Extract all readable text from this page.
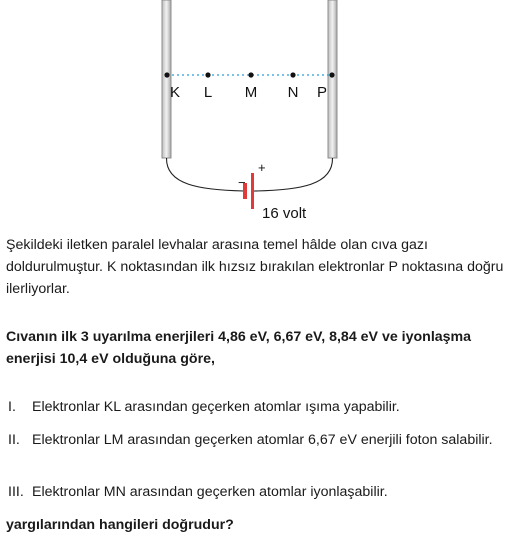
K L M N P
+
−
16 volt

Şekildeki iletken paralel levhalar arasına temel hâlde olan cıva gazı doldurulmuştur. K noktasından ilk hızsız bırakılan elektronlar P noktasına doğru ilerliyorlar.

Cıvanın ilk 3 uyarılma enerjileri 4,86 eV, 6,67 eV, 8,84 eV ve iyonlaşma enerjisi 10,4 eV olduğuna göre,

I. Elektronlar KL arasından geçerken atomlar ışıma yapabilir.
II. Elektronlar LM arasından geçerken atomlar 6,67 eV enerjili foton salabilir.
III. Elektronlar MN arasından geçerken atomlar iyonlaşabilir.

yargılarından hangileri doğrudur?
